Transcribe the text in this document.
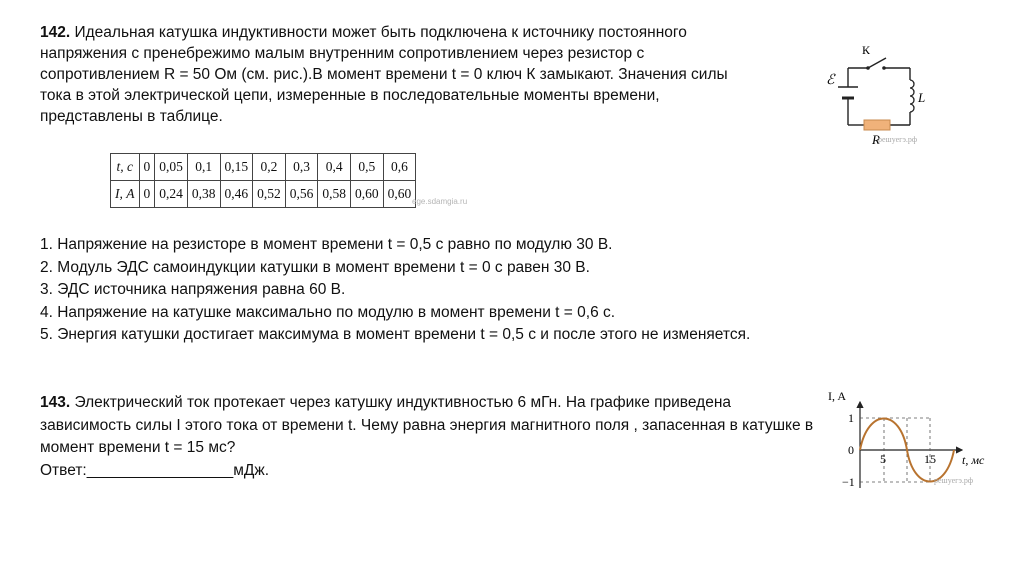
142. Идеальная катушка индуктивности может быть подключена к источнику постоянного напряжения с пренебрежимо малым внутренним сопротивлением через резистор с сопротивлением R = 50 Ом (см. рис.).В момент времени t = 0 ключ К замыкают. Значения силы тока в этой электрической цепи, измеренные в последовательные моменты времени, представлены в таблице.
К
ℰ
L
R
решуегэ.рф
t, с	0	0,05	0,1	0,15	0,2	0,3	0,4	0,5	0,6
I, А	0	0,24	0,38	0,46	0,52	0,56	0,58	0,60	0,60
ege.sdamgia.ru
1. Напряжение на резисторе в момент времени t = 0,5 с равно по модулю 30 В.
2. Модуль ЭДС самоиндукции катушки в момент времени t = 0 с равен 30 В.
3. ЭДС источника напряжения равна 60 В.
4. Напряжение на катушке максимально по модулю в момент времени t = 0,6 с.
5. Энергия катушки достигает максимума в момент времени t = 0,5 с и после этого не изменяется.
143. Электрический ток протекает через катушку индуктивностью 6 мГн. На графике приведена зависимость силы I этого тока от времени t. Чему равна энергия магнитного поля , запасенная в катушке в момент времени t = 15 мс?
Ответ:_________________мДж.
I, A
1
0
−1
5	15 t, мс
решуегэ.рф
